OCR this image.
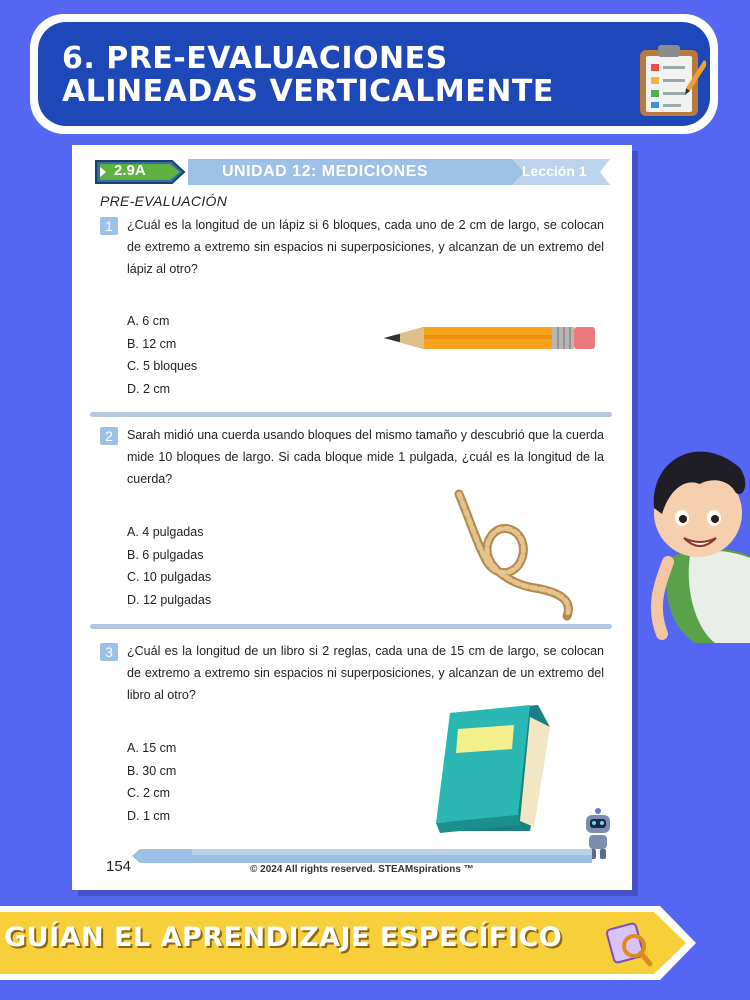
6. PRE-EVALUACIONES
ALINEADAS VERTICALMENTE
2.9A	UNIDAD 12: MEDICIONES	Lección 1
PRE-EVALUACIÓN
1	¿Cuál es la longitud de un lápiz si 6 bloques, cada uno de 2 cm de largo, se colocan de extremo a extremo sin espacios ni superposiciones, y alcanzan de un extremo del lápiz al otro?
A. 6 cm
B. 12 cm
C. 5 bloques
D. 2 cm
2	Sarah midió una cuerda usando bloques del mismo tamaño y descubrió que la cuerda mide 10 bloques de largo. Si cada bloque mide 1 pulgada, ¿cuál es la longitud de la cuerda?
A. 4 pulgadas
B. 6 pulgadas
C. 10 pulgadas
D. 12 pulgadas
3	¿Cuál es la longitud de un libro si 2 reglas, cada una de 15 cm de largo, se colocan de extremo a extremo sin espacios ni superposiciones, y alcanzan de un extremo del libro al otro?
A. 15 cm
B. 30 cm
C. 2 cm
D. 1 cm
154	© 2024 All rights reserved. STEAMspirations ™
GUÍAN EL APRENDIZAJE ESPECÍFICO
